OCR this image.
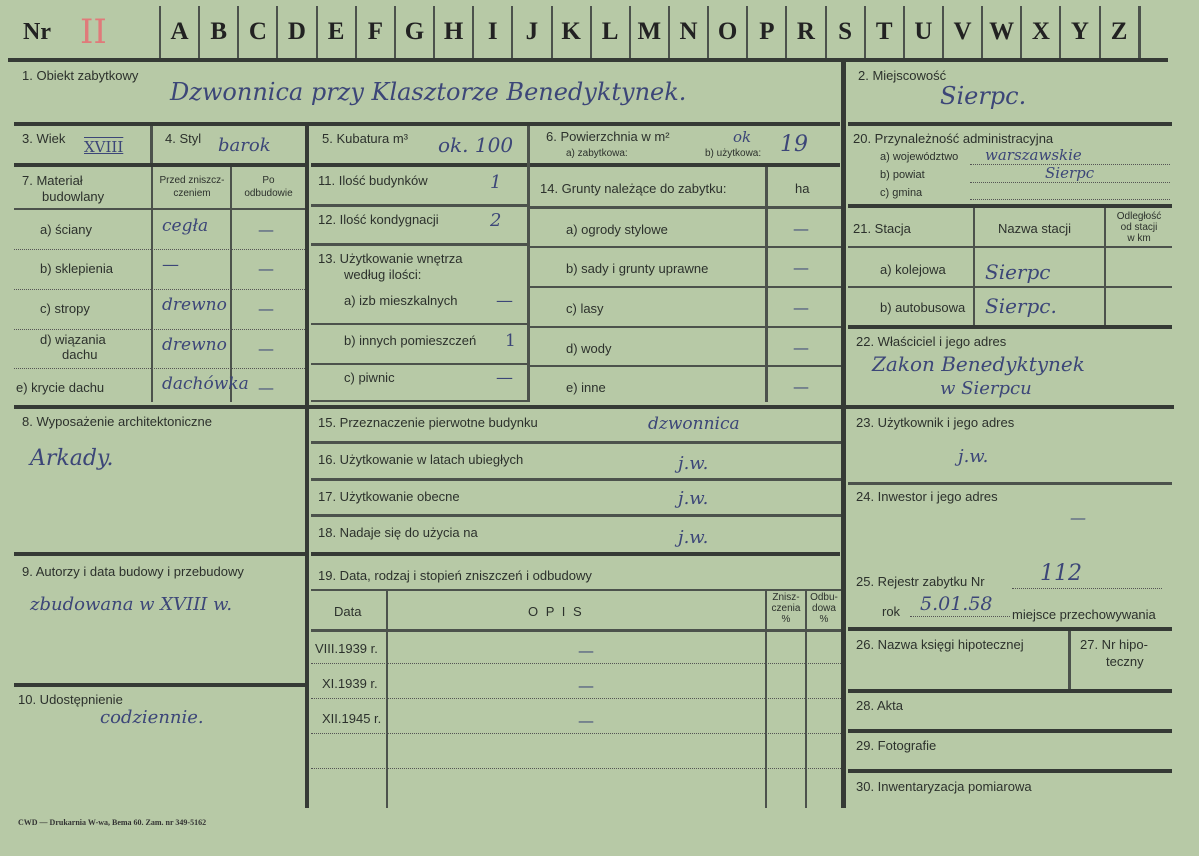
Nr II	A B C D E F G H I	J K L M N O P R S T U V W X Y Z
1. Obiekt zabytkowy
Dzwonnica przy Klasztorze Benedyktynek.
2. Miejscowość
Sierpc.
3. Wiek XVIII	4. Styl barok	5. Kubatura m³ ok. 100	6. Powierzchnia w m²
a) zabytkowa:	b) użytkowa:
ok 19	20. Przynależność administracyjna
a) województwo warszawskie
b) powiat	Sierpc
c) gmina
7. Materiał
budowlany
Przed zniszcz-
czeniem
Po
odbudowie
a) ściany	cegła	—
b) sklepienia	—	—
c) stropy	drewno —
d) wiązania
dachu	drewno —
e) krycie dachu	dachówka —
11. Ilość budynków	1
12. Ilość kondygnacji	2
13. Użytkowanie wnętrza
według ilości:
a) izb mieszkalnych —
b) innych pomieszczeń 1
c) piwnic	—
14. Grunty należące do zabytku:	ha
a) ogrody stylowe	—
b) sady i grunty uprawne	—
c) lasy	—
d) wody	—
e) inne	—
21. Stacja	Nazwa stacji
Odległość
od stacji
w km
a) kolejowa Sierpc
b) autobusowa Sierpc.
22. Właściciel i jego adres
Zakon Benedyktynek
w Sierpcu
8. Wyposażenie architektoniczne
Arkady.
15. Przeznaczenie pierwotne budynku	dzwonnica
16. Użytkowanie w latach ubiegłych	j.w.
17. Użytkowanie obecne	j.w.
18. Nadaje się do użycia na	j.w.
23. Użytkownik i jego adres
j.w.
24. Inwestor i jego adres
—
9. Autorzy i data budowy i przebudowy
zbudowana w XVIII w.
10. Udostępnienie
codziennie.
19. Data, rodzaj i stopień zniszczeń i odbudowy
Data	O P I S
Znisz-
czenia
%
Odbu-
dowa
%
VIII.1939 r.	—
XI.1939 r.	—
XII.1945 r.	—
25. Rejestr zabytku Nr	112
rok 5.01.58 miejsce przechowywania
26. Nazwa księgi hipotecznej	27. Nr hipo-
teczny
28. Akta
29. Fotografie
30. Inwentaryzacja pomiarowa
CWD — Drukarnia W-wa, Bema 60. Zam. nr 349-5162
